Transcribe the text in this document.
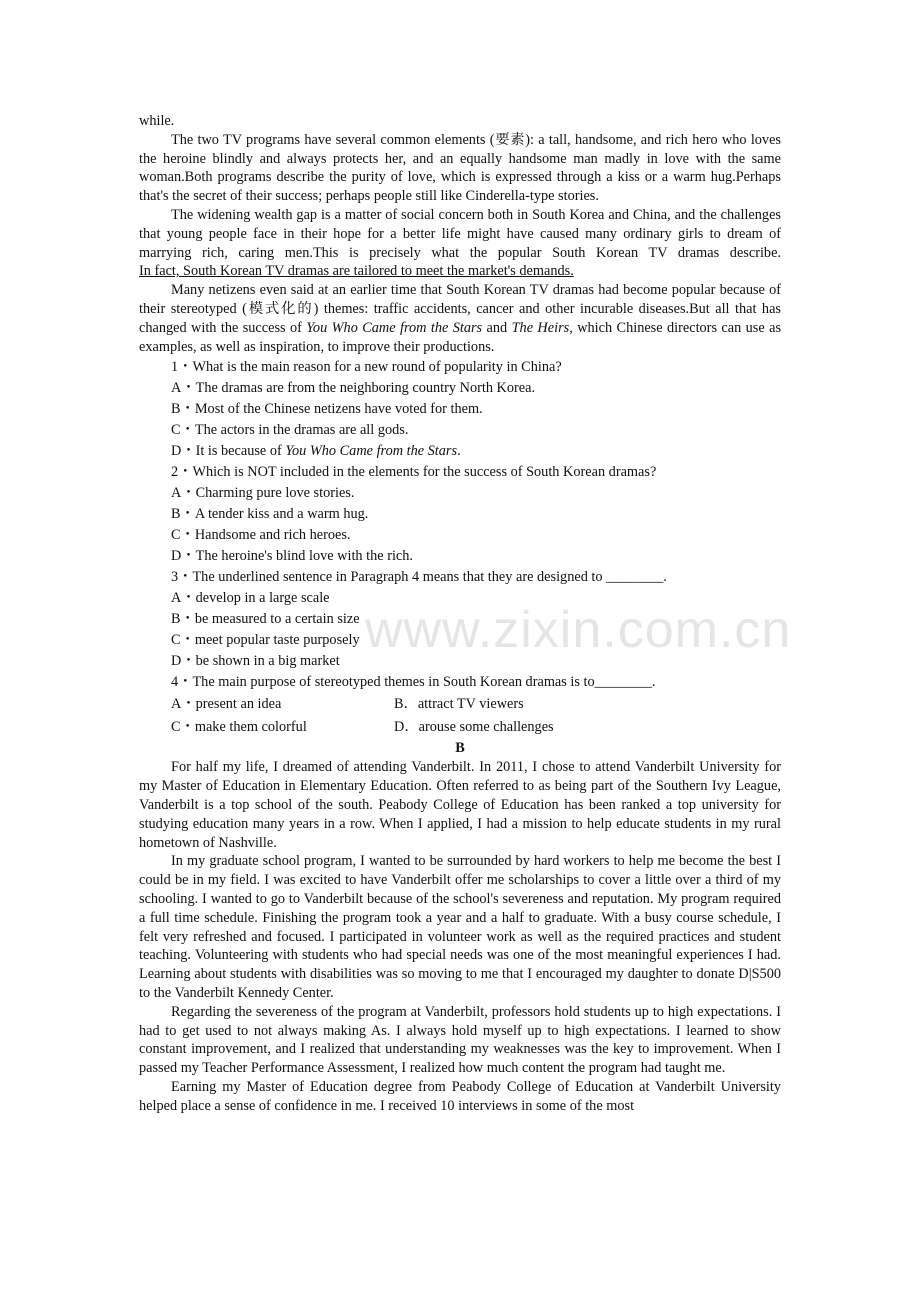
while.

The two TV programs have several common elements (要素): a tall, handsome, and rich hero who loves the heroine blindly and always protects her, and an equally handsome man madly in love with the same woman.Both programs describe the purity of love, which is expressed through a kiss or a warm hug.Perhaps that's the secret of their success; perhaps people still like Cinderella-type stories.

The widening wealth gap is a matter of social concern both in South Korea and China, and the challenges that young people face in their hope for a better life might have caused many ordinary girls to dream of marrying rich, caring men.This is precisely what the popular South Korean TV dramas describe.

In fact, South Korean TV dramas are tailored to meet the market's demands.

Many netizens even said at an earlier time that South Korean TV dramas had become popular because of their stereotyped (模式化的) themes: traffic accidents, cancer and other incurable diseases.But all that has changed with the success of You Who Came from the Stars and The Heirs, which Chinese directors can use as examples, as well as inspiration, to improve their productions.

1・What is the main reason for a new round of popularity in China?

A・The dramas are from the neighboring country North Korea.

B・Most of the Chinese netizens have voted for them.

C・The actors in the dramas are all gods.

D・It is because of You Who Came from the Stars.

2・Which is NOT included in the elements for the success of South Korean dramas?

A・Charming pure love stories.

B・A tender kiss and a warm hug.

C・Handsome and rich heroes.

D・The heroine's blind love with the rich.

3・The underlined sentence in Paragraph 4 means that they are designed to ________.

A・develop in a large scale

B・be measured to a certain size

C・meet popular taste purposely

D・be shown in a big market

4・The main purpose of stereotyped themes in South Korean dramas is to________.

A・present an idea	B．attract TV viewers
C・make them colorful	D．arouse some challenges

B

For half my life, I dreamed of attending Vanderbilt. In 2011, I chose to attend Vanderbilt University for my Master of Education in Elementary Education. Often referred to as being part of the Southern Ivy League, Vanderbilt is a top school of the south. Peabody College of Education has been ranked a top university for studying education many years in a row. When I applied, I had a mission to help educate students in my rural hometown of Nashville.

In my graduate school program, I wanted to be surrounded by hard workers to help me become the best I could be in my field. I was excited to have Vanderbilt offer me scholarships to cover a little over a third of my schooling. I wanted to go to Vanderbilt because of the school's severeness and reputation. My program required a full time schedule. Finishing the program took a year and a half to graduate. With a busy course schedule, I felt very refreshed and focused. I participated in volunteer work as well as the required practices and student teaching. Volunteering with students who had special needs was one of the most meaningful experiences I had. Learning about students with disabilities was so moving to me that I encouraged my daughter to donate D|S500 to the Vanderbilt Kennedy Center.

Regarding the severeness of the program at Vanderbilt, professors hold students up to high expectations. I had to get used to not always making As. I always hold myself up to high expectations. I learned to show constant improvement, and I realized that understanding my weaknesses was the key to improvement. When I passed my Teacher Performance Assessment, I realized how much content the program had taught me.

Earning my Master of Education degree from Peabody College of Education at Vanderbilt University helped place a sense of confidence in me. I received 10 interviews in some of the most

www.zixin.com.cn
